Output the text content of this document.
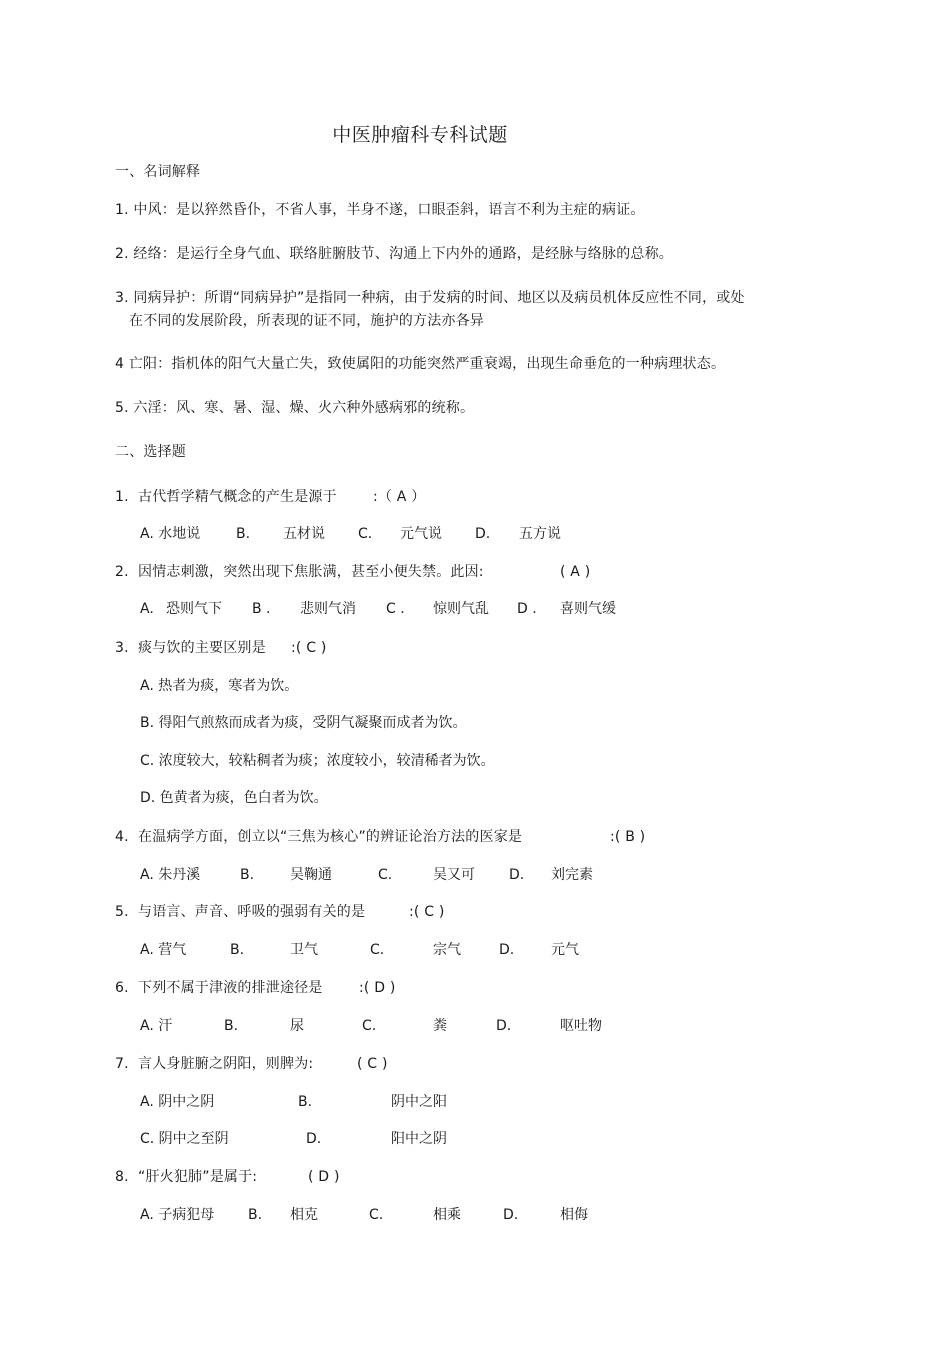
中医肿瘤科专科试题
一、名词解释
1. 中风：是以猝然昏仆，不省人事，半身不遂，口眼歪斜，语言不利为主症的病证。
2. 经络：是运行全身气血、联络脏腑肢节、沟通上下内外的通路，是经脉与络脉的总称。
3. 同病异护：所谓“同病异护”是指同一种病，由于发病的时间、地区以及病员机体反应性不同，或处
在不同的发展阶段，所表现的证不同，施护的方法亦各异
4 亡阳：指机体的阳气大量亡失，致使属阳的功能突然严重衰竭，出现生命垂危的一种病理状态。
5. 六淫：风、寒、暑、湿、燥、火六种外感病邪的统称。
二、选择题
1. 古代哲学精气概念的产生是源于	:（ A ）
A. 水地说	B. 五材说 C. 元气说 D. 五方说
2. 因情志刺激，突然出现下焦胀满，甚至小便失禁。此因:	( A )
A. 恐则气下 B . 悲则气消 C . 惊则气乱 D . 喜则气缓
3. 痰与饮的主要区别是 :( C )
A. 热者为痰，寒者为饮。
B. 得阳气煎熬而成者为痰，受阴气凝聚而成者为饮。
C. 浓度较大，较粘稠者为痰；浓度较小，较清稀者为饮。
D. 色黄者为痰，色白者为饮。
4. 在温病学方面，创立以“三焦为核心”的辨证论治方法的医家是	:( B )
A. 朱丹溪	B.	吴鞠通	C.	吴又可 D. 刘完素
5. 与语言、声音、呼吸的强弱有关的是	:( C )
A. 营气	B.	卫气	C.	宗气	D.	元气
6. 下列不属于津液的排泄途径是	:( D )
A. 汗	B.	尿	C.	粪	D.	呕吐物
7. 言人身脏腑之阴阳，则脾为:	( C )
A. 阴中之阴	B.	阴中之阳
C. 阴中之至阴	D.	阳中之阴
8. “肝火犯肺”是属于:	( D )
A. 子病犯母 B. 相克	C.	相乘	D.	相侮
